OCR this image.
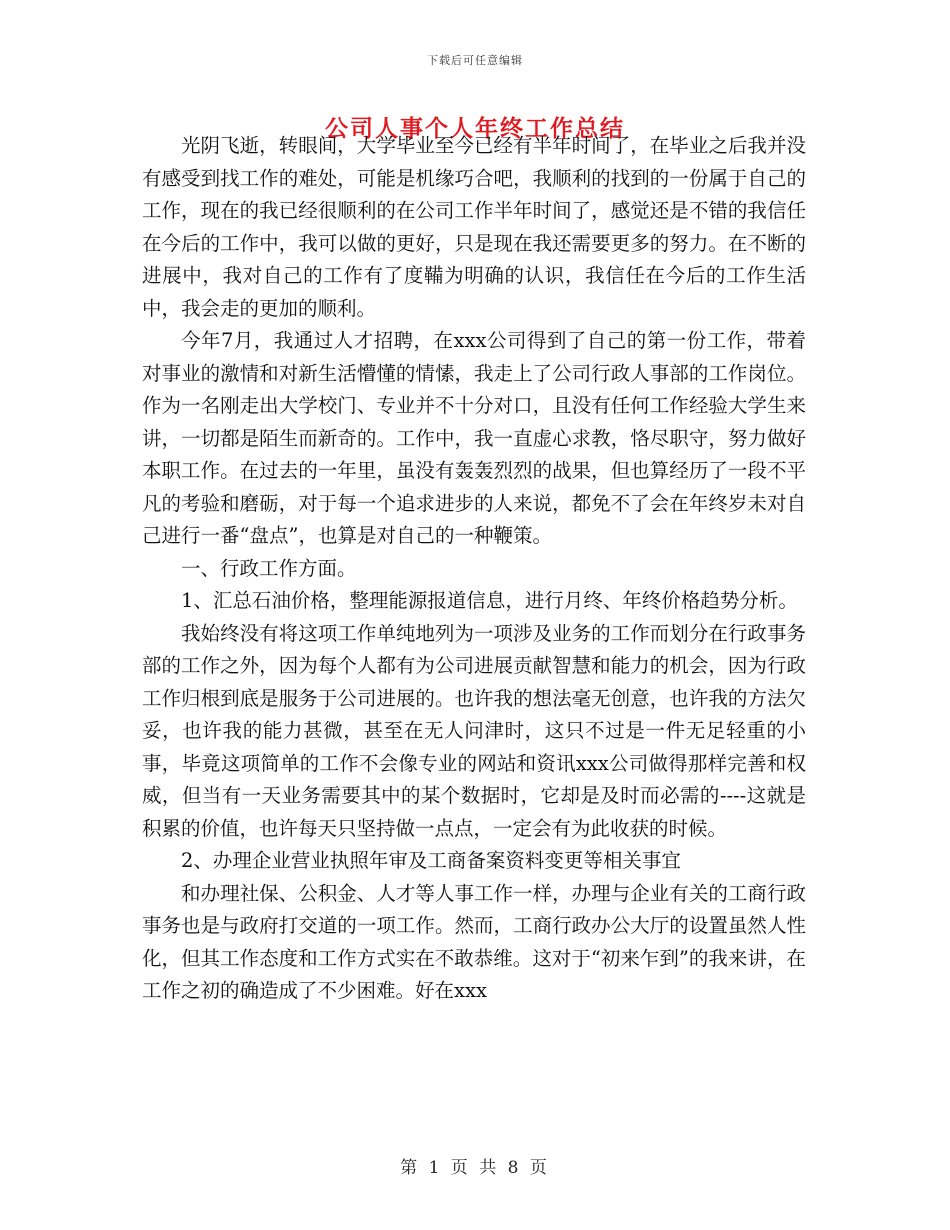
下载后可任意编辑
公司人事个人年终工作总结

光阴飞逝，转眼间，大学毕业至今已经有半年时间了，在毕业之后我并没有感受到找工作的难处，可能是机缘巧合吧，我顺利的找到的一份属于自己的工作，现在的我已经很顺利的在公司工作半年时间了，感觉还是不错的我信任在今后的工作中，我可以做的更好，只是现在我还需要更多的努力。在不断的进展中，我对自己的工作有了度鞴为明确的认识，我信任在今后的工作生活中，我会走的更加的顺利。

今年7月，我通过人才招聘，在xxx公司得到了自己的第一份工作，带着对事业的激情和对新生活懵懂的情愫，我走上了公司行政人事部的工作岗位。作为一名刚走出大学校门、专业并不十分对口，且没有任何工作经验大学生来讲，一切都是陌生而新奇的。工作中，我一直虚心求教，恪尽职守，努力做好本职工作。在过去的一年里，虽没有轰轰烈烈的战果，但也算经历了一段不平凡的考验和磨砺，对于每一个追求进步的人来说，都免不了会在年终岁未对自己进行一番“盘点”，也算是对自己的一种鞭策。

一、行政工作方面。

1、汇总石油价格，整理能源报道信息，进行月终、年终价格趋势分析。

我始终没有将这项工作单纯地列为一项涉及业务的工作而划分在行政事务部的工作之外，因为每个人都有为公司进展贡献智慧和能力的机会，因为行政工作归根到底是服务于公司进展的。也许我的想法毫无创意，也许我的方法欠妥，也许我的能力甚微，甚至在无人问津时，这只不过是一件无足轻重的小事，毕竟这项简单的工作不会像专业的网站和资讯xxx公司做得那样完善和权威，但当有一天业务需要其中的某个数据时，它却是及时而必需的----这就是积累的价值，也许每天只坚持做一点点，一定会有为此收获的时候。

2、办理企业营业执照年审及工商备案资料变更等相关事宜

和办理社保、公积金、人才等人事工作一样，办理与企业有关的工商行政事务也是与政府打交道的一项工作。然而，工商行政办公大厅的设置虽然人性化，但其工作态度和工作方式实在不敢恭维。这对于“初来乍到”的我来讲，在工作之初的确造成了不少困难。好在xxx

第 1 页 共 8 页
